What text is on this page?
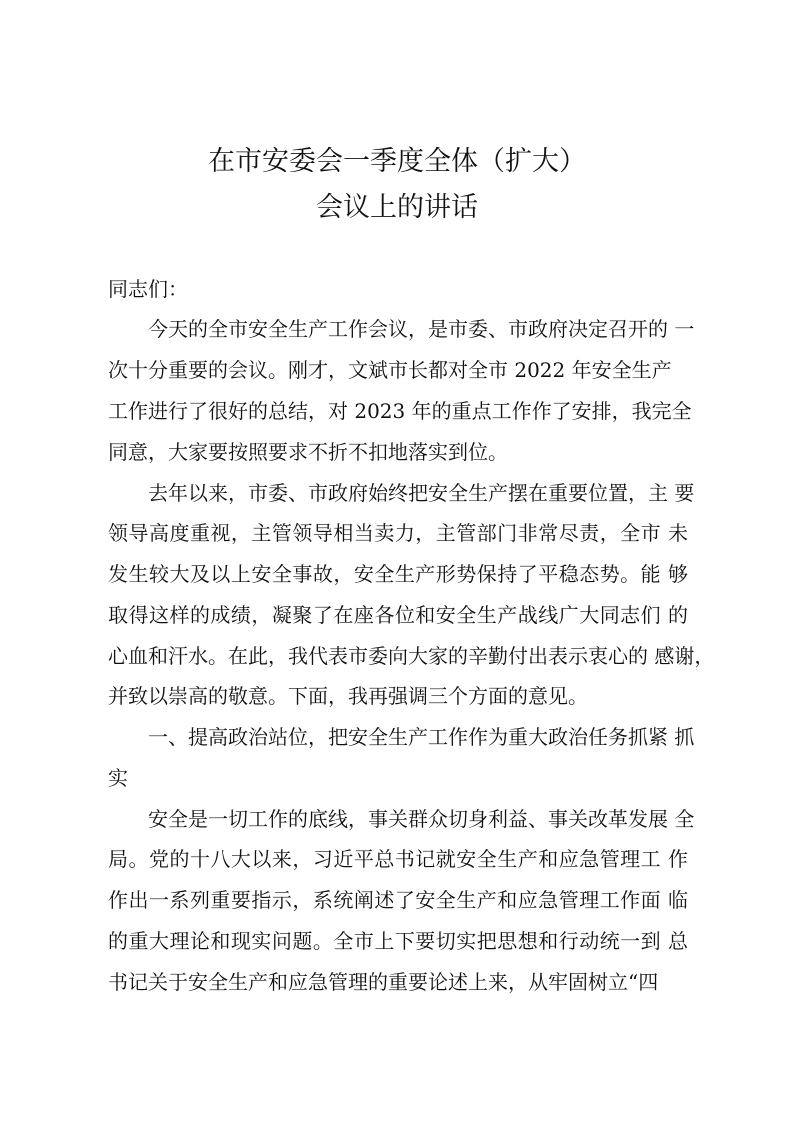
在市安委会一季度全体（扩大）
会议上的讲话

同志们：

今天的全市安全生产工作会议，是市委、市政府决定召开的 一

次十分重要的会议。刚才，文斌市长都对全市 2022 年安全生产

工作进行了很好的总结，对 2023 年的重点工作作了安排，我完全

同意，大家要按照要求不折不扣地落实到位。

去年以来，市委、市政府始终把安全生产摆在重要位置，主 要

领导高度重视，主管领导相当卖力，主管部门非常尽责，全市 未

发生较大及以上安全事故，安全生产形势保持了平稳态势。能 够

取得这样的成绩，凝聚了在座各位和安全生产战线广大同志们 的

心血和汗水。在此，我代表市委向大家的辛勤付出表示衷心的 感谢，

并致以崇高的敬意。下面，我再强调三个方面的意见。

一、提高政治站位，把安全生产工作作为重大政治任务抓紧 抓

实

安全是一切工作的底线，事关群众切身利益、事关改革发展 全

局。党的十八大以来，习近平总书记就安全生产和应急管理工 作

作出一系列重要指示，系统阐述了安全生产和应急管理工作面 临

的重大理论和现实问题。全市上下要切实把思想和行动统一到 总

书记关于安全生产和应急管理的重要论述上来，从牢固树立“四
